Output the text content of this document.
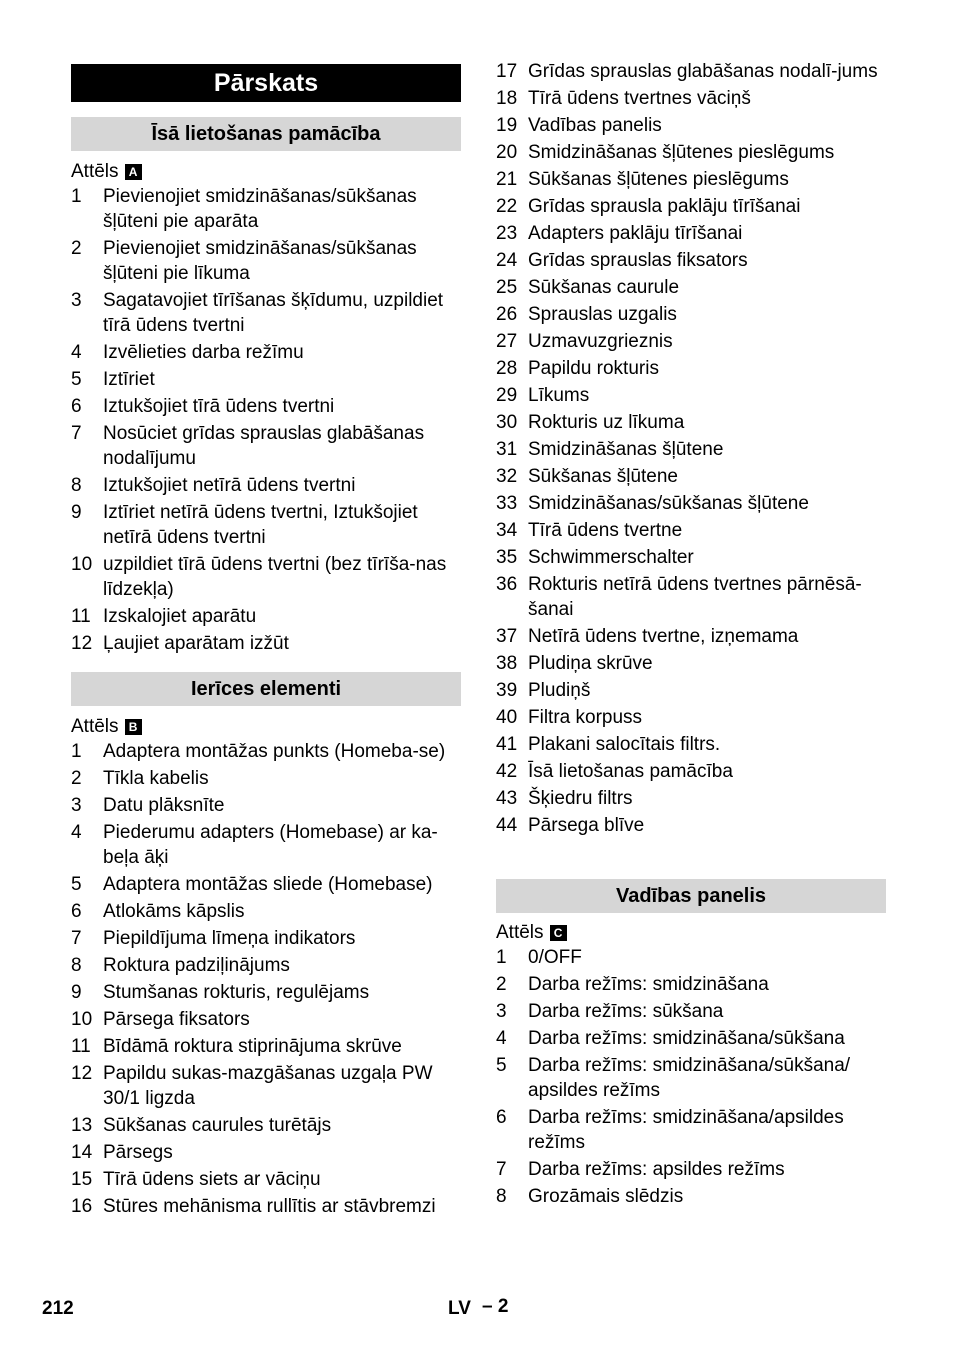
Pārskats
Īsā lietošanas pamācība
Attēls A
1	Pievienojiet smidzināšanas/sūkšanas šļūteni pie aparāta
2	Pievienojiet smidzināšanas/sūkšanas šļūteni pie līkuma
3	Sagatavojiet tīrīšanas šķīdumu, uzpildiet tīrā ūdens tvertni
4	Izvēlieties darba režīmu
5	Iztīriet
6	Iztukšojiet tīrā ūdens tvertni
7	Nosūciet grīdas sprauslas glabāšanas nodalījumu
8	Iztukšojiet netīrā ūdens tvertni
9	Iztīriet netīrā ūdens tvertni, Iztukšojiet netīrā ūdens tvertni
10 uzpildiet tīrā ūdens tvertni (bez tīrīša-nas līdzekļa)
11 Izskalojiet aparātu
12 Ļaujiet aparātam izžūt
Ierīces elementi
Attēls B
1	Adaptera montāžas punkts (Homeba-se)
2	Tīkla kabelis
3	Datu plāksnīte
4	Piederumu adapters (Homebase) ar ka-beļa āķi
5	Adaptera montāžas sliede (Homebase)
6	Atlokāms kāpslis
7	Piepildījuma līmeņa indikators
8	Roktura padziļinājums
9	Stumšanas rokturis, regulējams
10 Pārsega fiksators
11 Bīdāmā roktura stiprinājuma skrūve
12 Papildu sukas-mazgāšanas uzgaļa PW 30/1 ligzda
13 Sūkšanas caurules turētājs
14 Pārsegs
15 Tīrā ūdens siets ar vāciņu
16 Stūres mehānisma rullītis ar stāvbremzi
17 Grīdas sprauslas glabāšanas nodalī-jums
18 Tīrā ūdens tvertnes vāciņš
19 Vadības panelis
20 Smidzināšanas šļūtenes pieslēgums
21 Sūkšanas šļūtenes pieslēgums
22 Grīdas sprausla paklāju tīrīšanai
23 Adapters paklāju tīrīšanai
24 Grīdas sprauslas fiksators
25 Sūkšanas caurule
26 Sprauslas uzgalis
27 Uzmavuzgrieznis
28 Papildu rokturis
29 Līkums
30 Rokturis uz līkuma
31 Smidzināšanas šļūtene
32 Sūkšanas šļūtene
33 Smidzināšanas/sūkšanas šļūtene
34 Tīrā ūdens tvertne
35 Schwimmerschalter
36 Rokturis netīrā ūdens tvertnes pārnēsā-šanai
37 Netīrā ūdens tvertne, izņemama
38 Pludiņa skrūve
39 Pludiņš
40 Filtra korpuss
41 Plakani salocītais filtrs.
42 Īsā lietošanas pamācība
43 Šķiedru filtrs
44 Pārsega blīve
Vadības panelis
Attēls C
1	0/OFF
2	Darba režīms: smidzināšana
3	Darba režīms: sūkšana
4	Darba režīms: smidzināšana/sūkšana
5	Darba režīms: smidzināšana/sūkšana/ apsildes režīms
6	Darba režīms: smidzināšana/apsildes režīms
7	Darba režīms: apsildes režīms
8	Grozāmais slēdzis
212	LV – 2
